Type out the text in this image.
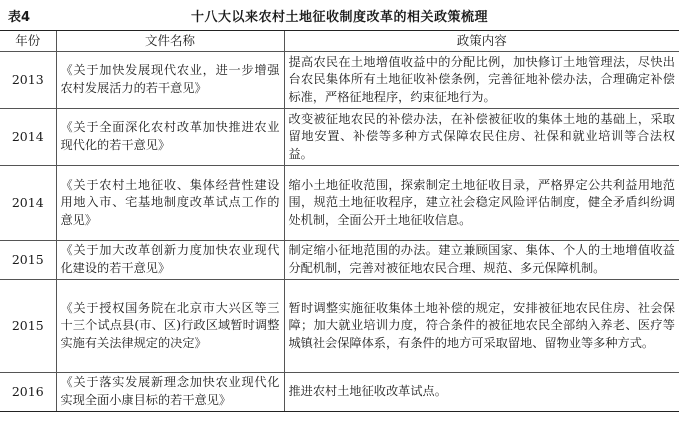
十八大以来农村土地征收制度改革的相关政策梳理
表4
年份	文件名称	政策内容
2013	《关于加快发展现代农业，进一步增强农村发展活力的若干意见》	提高农民在土地增值收益中的分配比例，加快修订土地管理法，尽快出台农民集体所有土地征收补偿条例，完善征地补偿办法，合理确定补偿标准，严格征地程序，约束征地行为。
2014	《关于全面深化农村改革加快推进农业现代化的若干意见》	改变被征地农民的补偿办法，在补偿被征收的集体土地的基础上，采取留地安置、补偿等多种方式保障农民住房、社保和就业培训等合法权益。
2014	《关于农村土地征收、集体经营性建设用地入市、宅基地制度改革试点工作的意见》	缩小土地征收范围，探索制定土地征收目录，严格界定公共利益用地范围，规范土地征收程序，建立社会稳定风险评估制度，健全矛盾纠纷调处机制，全面公开土地征收信息。
2015	《关于加大改革创新力度加快农业现代化建设的若干意见》	制定缩小征地范围的办法。建立兼顾国家、集体、个人的土地增值收益分配机制，完善对被征地农民合理、规范、多元保障机制。
2015	《关于授权国务院在北京市大兴区等三十三个试点县(市、区)行政区域暂时调整实施有关法律规定的决定》	暂时调整实施征收集体土地补偿的规定，安排被征地农民住房、社会保障；加大就业培训力度，符合条件的被征地农民全部纳入养老、医疗等城镇社会保障体系，有条件的地方可采取留地、留物业等多种方式。
2016	《关于落实发展新理念加快农业现代化实现全面小康目标的若干意见》	推进农村土地征收改革试点。
